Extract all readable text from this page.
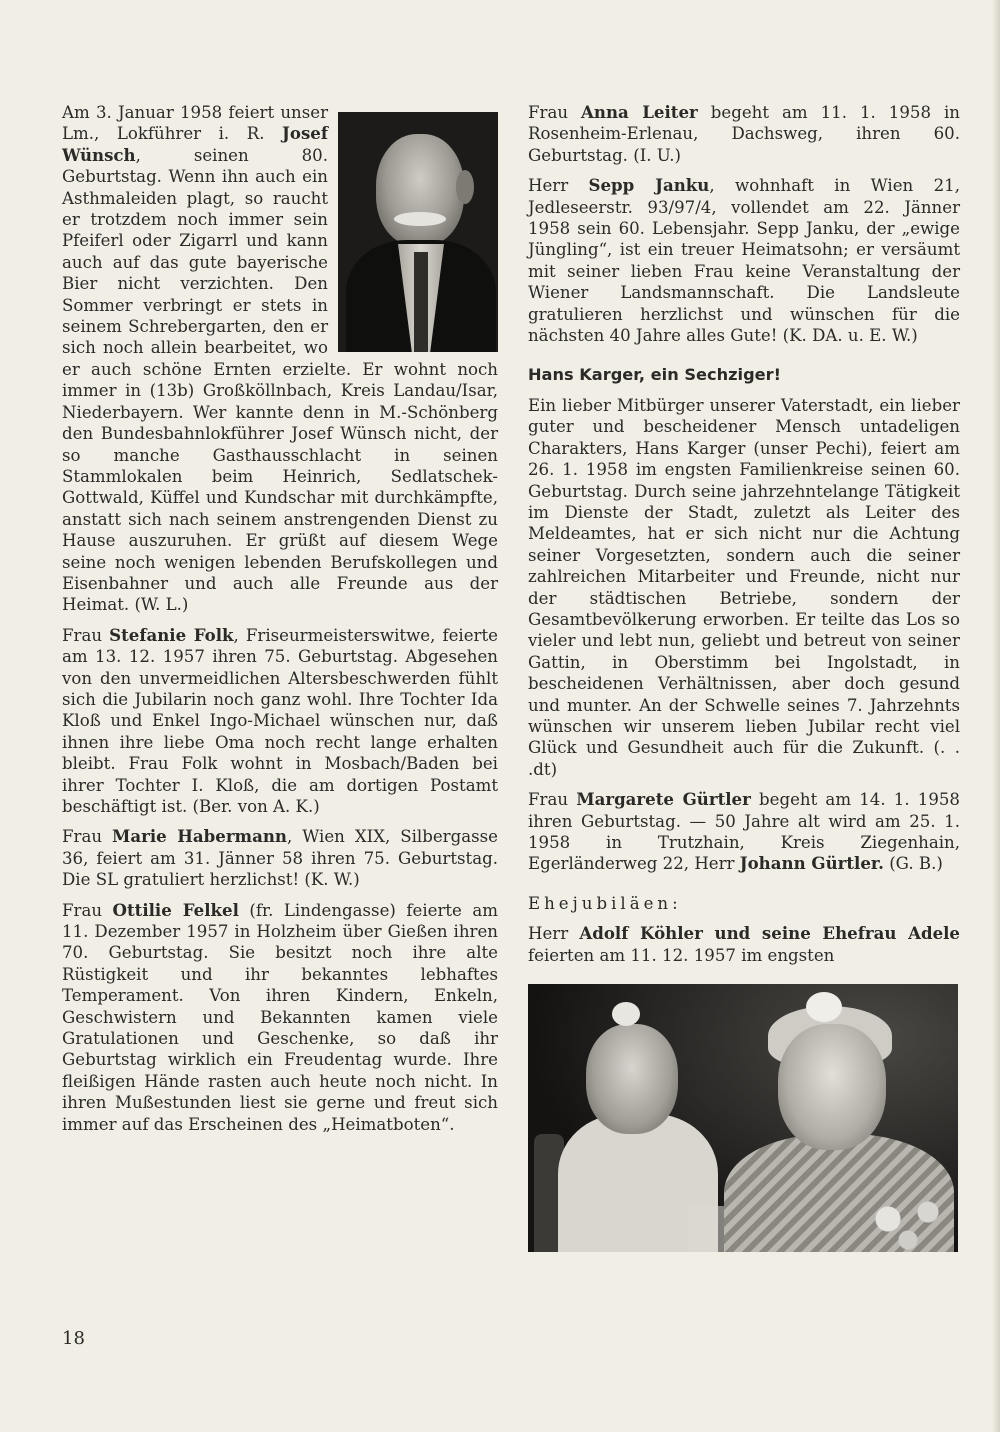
Am 3. Januar 1958 feiert unser Lm., Lokführer i. R. Josef Wünsch, seinen 80. Geburtstag. Wenn ihn auch ein Asthmaleiden plagt, so raucht er trotzdem noch immer sein Pfeiferl oder Zigarrl und kann auch auf das gute bayerische Bier nicht verzichten. Den Sommer verbringt er stets in seinem Schrebergarten, den er sich noch allein bearbeitet, wo er auch schöne Ernten erzielte. Er wohnt noch immer in (13b) Großköllnbach, Kreis Landau/Isar, Niederbayern. Wer kannte denn in M.-Schönberg den Bundesbahnlokführer Josef Wünsch nicht, der so manche Gasthausschlacht in seinen Stammlokalen beim Heinrich, Sedlatschek-Gottwald, Küffel und Kundschar mit durchkämpfte, anstatt sich nach seinem anstrengenden Dienst zu Hause auszuruhen. Er grüßt auf diesem Wege seine noch wenigen lebenden Berufskollegen und Eisenbahner und auch alle Freunde aus der Heimat. (W. L.)

Frau Stefanie Folk, Friseurmeisterswitwe, feierte am 13. 12. 1957 ihren 75. Geburtstag. Abgesehen von den unvermeidlichen Altersbeschwerden fühlt sich die Jubilarin noch ganz wohl. Ihre Tochter Ida Kloß und Enkel Ingo-Michael wünschen nur, daß ihnen ihre liebe Oma noch recht lange erhalten bleibt. Frau Folk wohnt in Mosbach/Baden bei ihrer Tochter I. Kloß, die am dortigen Postamt beschäftigt ist. (Ber. von A. K.)

Frau Marie Habermann, Wien XIX, Silbergasse 36, feiert am 31. Jänner 58 ihren 75. Geburtstag. Die SL gratuliert herzlichst! (K. W.)

Frau Ottilie Felkel (fr. Lindengasse) feierte am 11. Dezember 1957 in Holzheim über Gießen ihren 70. Geburtstag. Sie besitzt noch ihre alte Rüstigkeit und ihr bekanntes lebhaftes Temperament. Von ihren Kindern, Enkeln, Geschwistern und Bekannten kamen viele Gratulationen und Geschenke, so daß ihr Geburtstag wirklich ein Freudentag wurde. Ihre fleißigen Hände rasten auch heute noch nicht. In ihren Mußestunden liest sie gerne und freut sich immer auf das Erscheinen des „Heimatboten“.

Frau Anna Leiter begeht am 11. 1. 1958 in Rosenheim-Erlenau, Dachsweg, ihren 60. Geburtstag. (I. U.)

Herr Sepp Janku, wohnhaft in Wien 21, Jedleseerstr. 93/97/4, vollendet am 22. Jänner 1958 sein 60. Lebensjahr. Sepp Janku, der „ewige Jüngling“, ist ein treuer Heimatsohn; er versäumt mit seiner lieben Frau keine Veranstaltung der Wiener Landsmannschaft. Die Landsleute gratulieren herzlichst und wünschen für die nächsten 40 Jahre alles Gute! (K. DA. u. E. W.)

Hans Karger, ein Sechziger!

Ein lieber Mitbürger unserer Vaterstadt, ein lieber guter und bescheidener Mensch untadeligen Charakters, Hans Karger (unser Pechi), feiert am 26. 1. 1958 im engsten Familienkreise seinen 60. Geburtstag. Durch seine jahrzehntelange Tätigkeit im Dienste der Stadt, zuletzt als Leiter des Meldeamtes, hat er sich nicht nur die Achtung seiner Vorgesetzten, sondern auch die seiner zahlreichen Mitarbeiter und Freunde, nicht nur der städtischen Betriebe, sondern der Gesamtbevölkerung erworben. Er teilte das Los so vieler und lebt nun, geliebt und betreut von seiner Gattin, in Oberstimm bei Ingolstadt, in bescheidenen Verhältnissen, aber doch gesund und munter. An der Schwelle seines 7. Jahrzehnts wünschen wir unserem lieben Jubilar recht viel Glück und Gesundheit auch für die Zukunft. (. . .dt)

Frau Margarete Gürtler begeht am 14. 1. 1958 ihren Geburtstag. — 50 Jahre alt wird am 25. 1. 1958 in Trutzhain, Kreis Ziegenhain, Egerländerweg 22, Herr Johann Gürtler. (G. B.)

Ehejubiläen:

Herr Adolf Köhler und seine Ehefrau Adele feierten am 11. 12. 1957 im engsten

18
